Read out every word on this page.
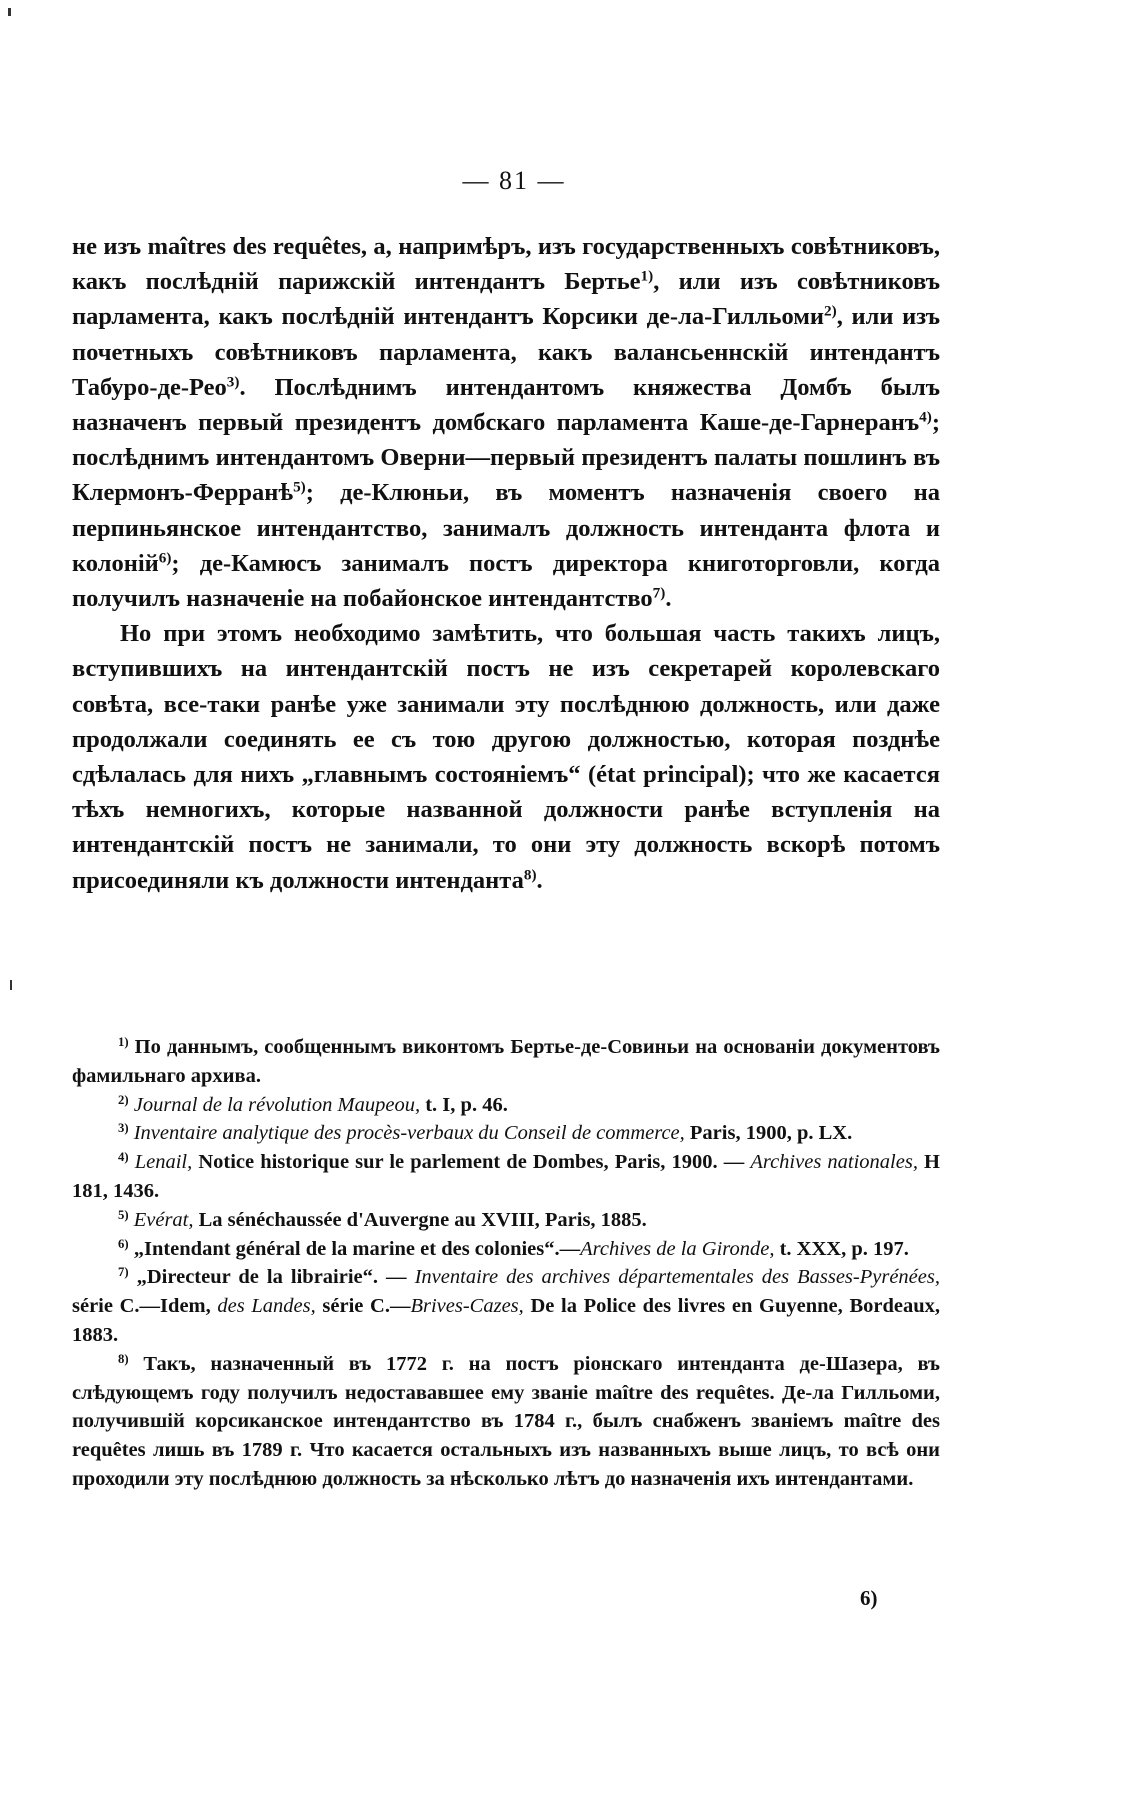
— 81 —

не изъ maîtres des requêtes, а, напримѣръ, изъ государственныхъ совѣтниковъ, какъ послѣдній парижскій интендантъ Бертье$^{1)}$, или изъ совѣтниковъ парламента, какъ послѣдній интендантъ Корсики де-ла-Гилльоми$^{2)}$, или изъ почетныхъ совѣтниковъ парламента, какъ валансьеннскій интендантъ Табуро-де-Рео$^{3)}$. Послѣднимъ интендантомъ княжества Домбъ былъ назначенъ первый президентъ домбскаго парламента Каше-де-Гарнеранъ$^{4)}$; послѣднимъ интендантомъ Оверни—первый президентъ палаты пошлинъ въ Клермонъ-Ферранѣ$^{5)}$; де-Клюньи, въ моментъ назначенія своего на перпиньянское интендантство, занималъ должность интенданта флота и колоній$^{6)}$; де-Камюсъ занималъ постъ директора книготорговли, когда получилъ назначеніе на побайонское интендантство$^{7)}$.

Но при этомъ необходимо замѣтить, что большая часть такихъ лицъ, вступившихъ на интендантскій постъ не изъ секретарей королевскаго совѣта, все-таки ранѣе уже занимали эту послѣднюю должность, или даже продолжали соединять ее съ тою другою должностью, которая позднѣе сдѣлалась для нихъ „главнымъ состояніемъ“ (état principal); что же касается тѣхъ немногихъ, которые названной должности ранѣе вступленія на интендантскій постъ не занимали, то они эту должность вскорѣ потомъ присоединяли къ должности интенданта$^{8)}$.

$^{1)}$ По даннымъ, сообщеннымъ виконтомъ Бертье-де-Совиньи на основаніи документовъ фамильнаго архива.

$^{2)}$ Journal de la révolution Maupeou, t. I, p. 46.

$^{3)}$ Inventaire analytique des procès-verbaux du Conseil de commerce, Paris, 1900, p. LX.

$^{4)}$ Lenail, Notice historique sur le parlement de Dombes, Paris, 1900. — Archives nationales, H 181, 1436.

$^{5)}$ Evérat, La sénéchaussée d'Auvergne au XVIII, Paris, 1885.

$^{6)}$ „Intendant général de la marine et des colonies“.—Archives de la Gironde, t. XXX, p. 197.

$^{7)}$ „Directeur de la librairie“. — Inventaire des archives départementales des Basses-Pyrénées, série C.—Idem, des Landes, série C.—Brives-Cazes, De la Police des livres en Guyenne, Bordeaux, 1883.

$^{8)}$ Такъ, назначенный въ 1772 г. на постъ ріонскаго интенданта де-Шазера, въ слѣдующемъ году получилъ недостававшее ему званіе maître des requêtes. Де-ла Гилльоми, получившій корсиканское интендантство въ 1784 г., былъ снабженъ званіемъ maître des requêtes лишь въ 1789 г. Что касается остальныхъ изъ названныхъ выше лицъ, то всѣ они проходили эту послѣднюю должность за нѣсколько лѣтъ до назначенія ихъ интендантами.

6)
